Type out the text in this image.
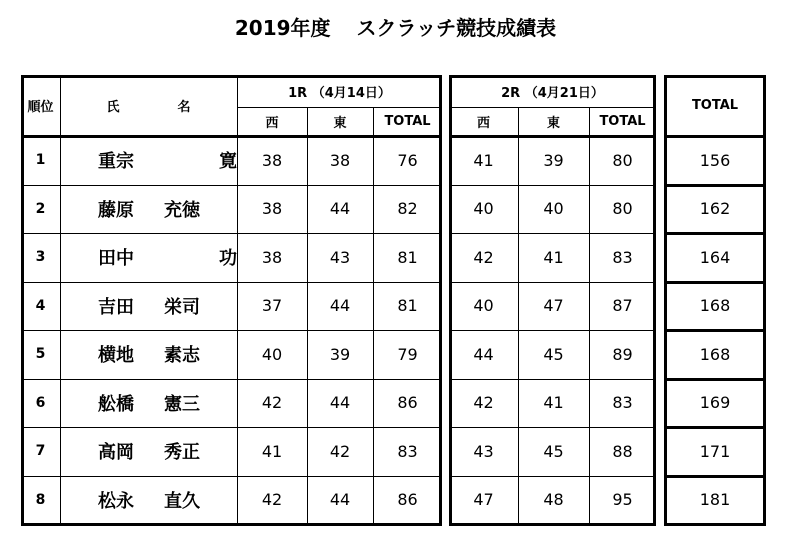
2019年度 スクラッチ競技成績表
順位	氏	名
1R （4月14日）
西	東	TOTAL
2R （4月21日）
西	東	TOTAL
TOTAL
1	重宗	寛	38	38	76	41	39	80	156
2	藤原	充徳	38	44	82	40	40	80	162
3	田中	功	38	43	81	42	41	83	164
4	吉田	栄司	37	44	81	40	47	87	168
5	横地	素志	40	39	79	44	45	89	168
6	舩橋	憲三	42	44	86	42	41	83	169
7	高岡	秀正	41	42	83	43	45	88	171
8	松永	直久	42	44	86	47	48	95	181
